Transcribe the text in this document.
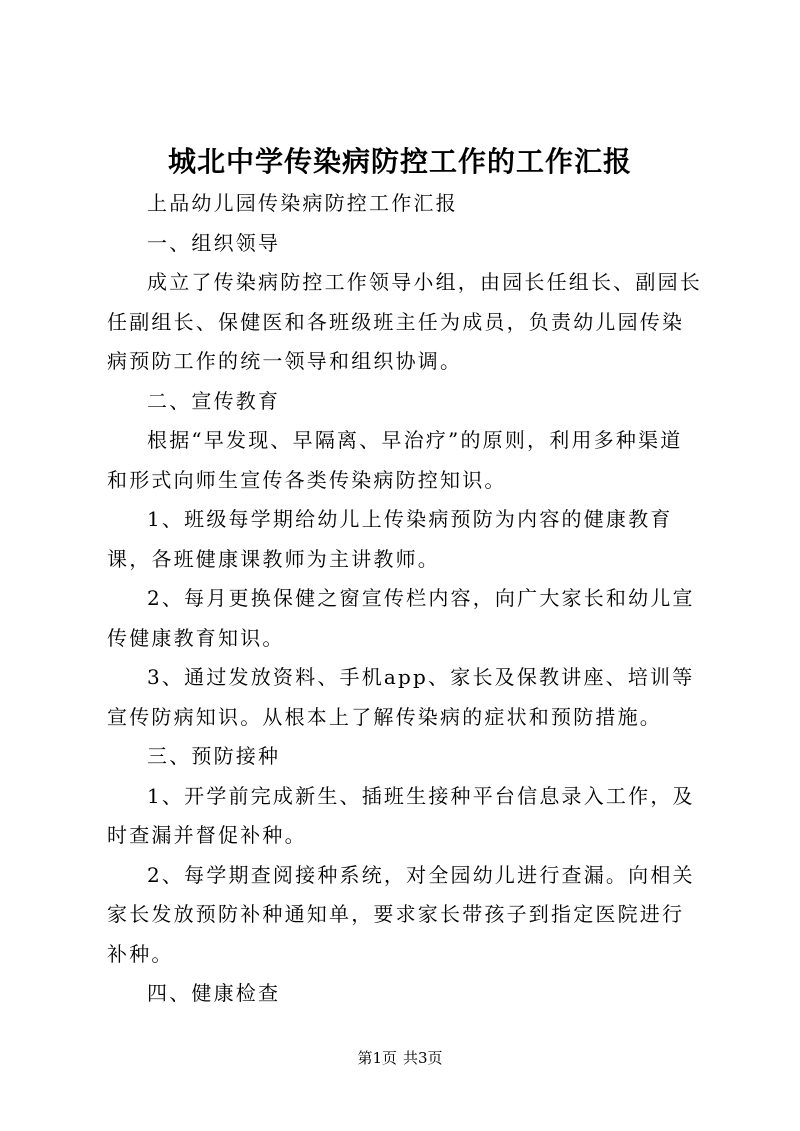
城北中学传染病防控工作的工作汇报

上品幼儿园传染病防控工作汇报

一、组织领导

成立了传染病防控工作领导小组，由园长任组长、副园长任副组长、保健医和各班级班主任为成员，负责幼儿园传染病预防工作的统一领导和组织协调。

二、宣传教育

根据“早发现、早隔离、早治疗”的原则，利用多种渠道和形式向师生宣传各类传染病防控知识。

1、班级每学期给幼儿上传染病预防为内容的健康教育课，各班健康课教师为主讲教师。

2、每月更换保健之窗宣传栏内容，向广大家长和幼儿宣传健康教育知识。

3、通过发放资料、手机app、家长及保教讲座、培训等宣传防病知识。从根本上了解传染病的症状和预防措施。

三、预防接种

1、开学前完成新生、插班生接种平台信息录入工作，及时查漏并督促补种。

2、每学期查阅接种系统，对全园幼儿进行查漏。向相关家长发放预防补种通知单，要求家长带孩子到指定医院进行补种。

四、健康检查

第1页 共3页
